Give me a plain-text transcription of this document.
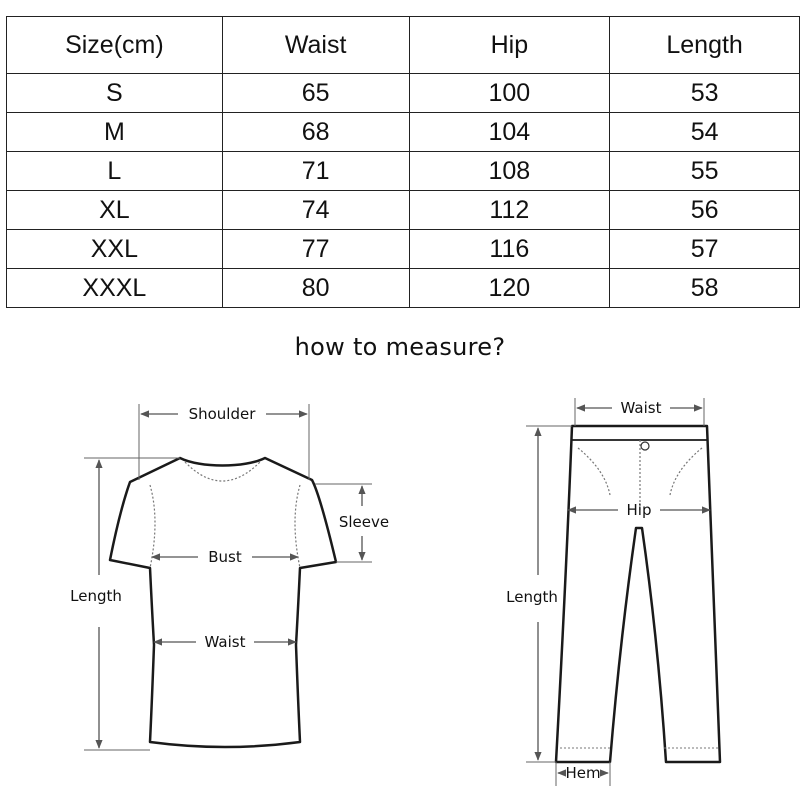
Size(cm)	Waist	Hip	Length
S	65	100	53
M	68	104	54
L	71	108	55
XL	74	112	56
XXL	77	116	57
XXXL	80	120	58
how to measure?
Shoulder
Sleeve
Bust
Waist
Length
Waist
Hip
Length
Hem
